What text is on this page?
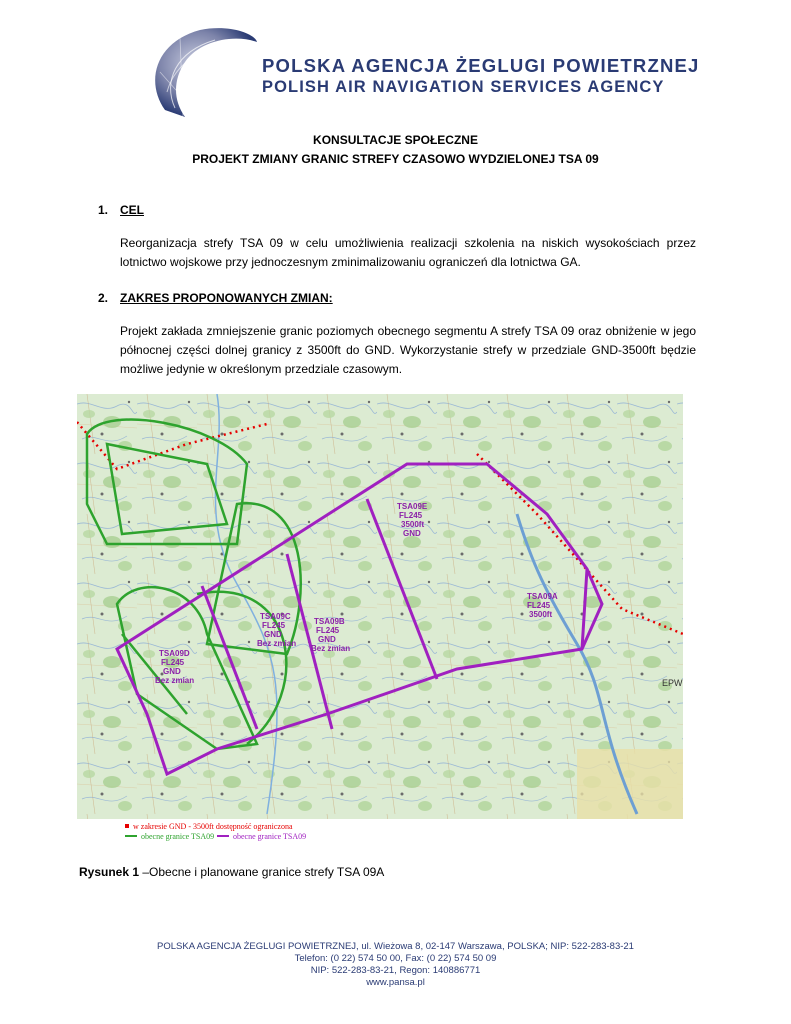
POLSKA AGENCJA ŻEGLUGI POWIETRZNEJ
POLISH AIR NAVIGATION SERVICES AGENCY
KONSULTACJE SPOŁECZNE
PROJEKT ZMIANY GRANIC STREFY CZASOWO WYDZIELONEJ TSA 09
1. CEL
Reorganizacja strefy TSA 09 w celu umożliwienia realizacji szkolenia na niskich wysokościach przez lotnictwo wojskowe przy jednoczesnym zminimalizowaniu ograniczeń dla lotnictwa GA.
2. ZAKRES PROPONOWANYCH ZMIAN:
Projekt zakłada zmniejszenie granic poziomych obecnego segmentu A strefy TSA 09 oraz obniżenie w jego północnej części dolnej granicy z 3500ft do GND. Wykorzystanie strefy w przedziale GND-3500ft będzie możliwe jedynie w określonym przedziale czasowym.
TSA09E
FL245
3500ft
GND
TSA09A
FL245
3500ft
TSA09C
FL245
GND
Bez zmian
TSA09B
FL245
GND
Bez zmian
TSA09D
FL245
GND
Bez zmian	EPW
w zakresie GND - 3500ft dostępność ograniczona
obecne granice TSA09 obecne granice TSA09
Rysunek 1 –Obecne i planowane granice strefy TSA 09A
POLSKA AGENCJA ŻEGLUGI POWIETRZNEJ, ul. Wieżowa 8, 02-147 Warszawa, POLSKA; NIP: 522-283-83-21
Telefon: (0 22) 574 50 00, Fax: (0 22) 574 50 09
NIP: 522-283-83-21, Regon: 140886771
www.pansa.pl
